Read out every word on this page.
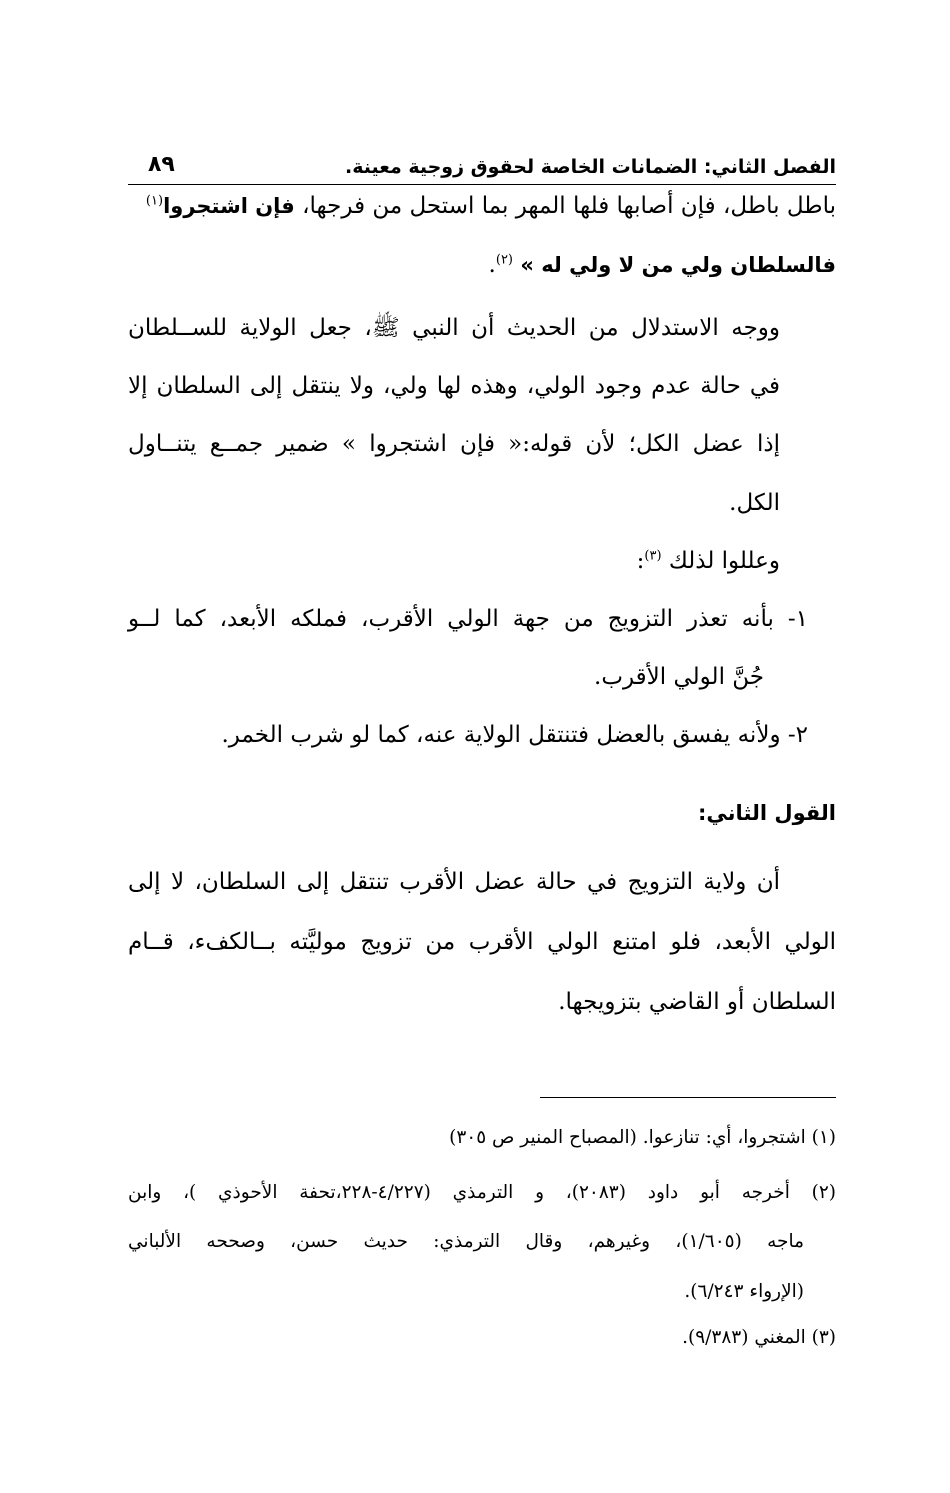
الفصل الثاني: الضمانات الخاصة لحقوق زوجية معينة.
٨٩
باطل باطل، فإن أصابها فلها المهر بما استحل من فرجها، فإن اشتجروا$^{(١)}$
فالسلطان ولي من لا ولي له » $^{(٢)}$.
ووجه الاستدلال من الحديث أن النبي ﷺ، جعل الولاية للســلطان
في حالة عدم وجود الولي، وهذه لها ولي، ولا ينتقل إلى السلطان إلا
إذا عضل الكل؛ لأن قوله:« فإن اشتجروا » ضمير جمــع يتنــاول
الكل.
وعللوا لذلك $^{(٣)}$:
١- بأنه تعذر التزويج من جهة الولي الأقرب، فملكه الأبعد، كما لــو
جُنَّ الولي الأقرب.
٢- ولأنه يفسق بالعضل فتنتقل الولاية عنه، كما لو شرب الخمر.
القول الثاني:
أن ولاية التزويج في حالة عضل الأقرب تنتقل إلى السلطان، لا إلى
الولي الأبعد، فلو امتنع الولي الأقرب من تزويج موليَّته بــالكفء، قــام
السلطان أو القاضي بتزويجها.
(١) اشتجروا، أي: تنازعوا. (المصباح المنير ص ٣٠٥)
(٢) أخرجه أبو داود (٢٠٨٣)، و الترمذي (٤/٢٢٧-٢٢٨،تحفة الأحوذي )، وابن
ماجه (١/٦٠٥)، وغيرهم، وقال الترمذي: حديث حسن، وصححه الألباني
(الإرواء ٦/٢٤٣).
(٣) المغني (٩/٣٨٣).
